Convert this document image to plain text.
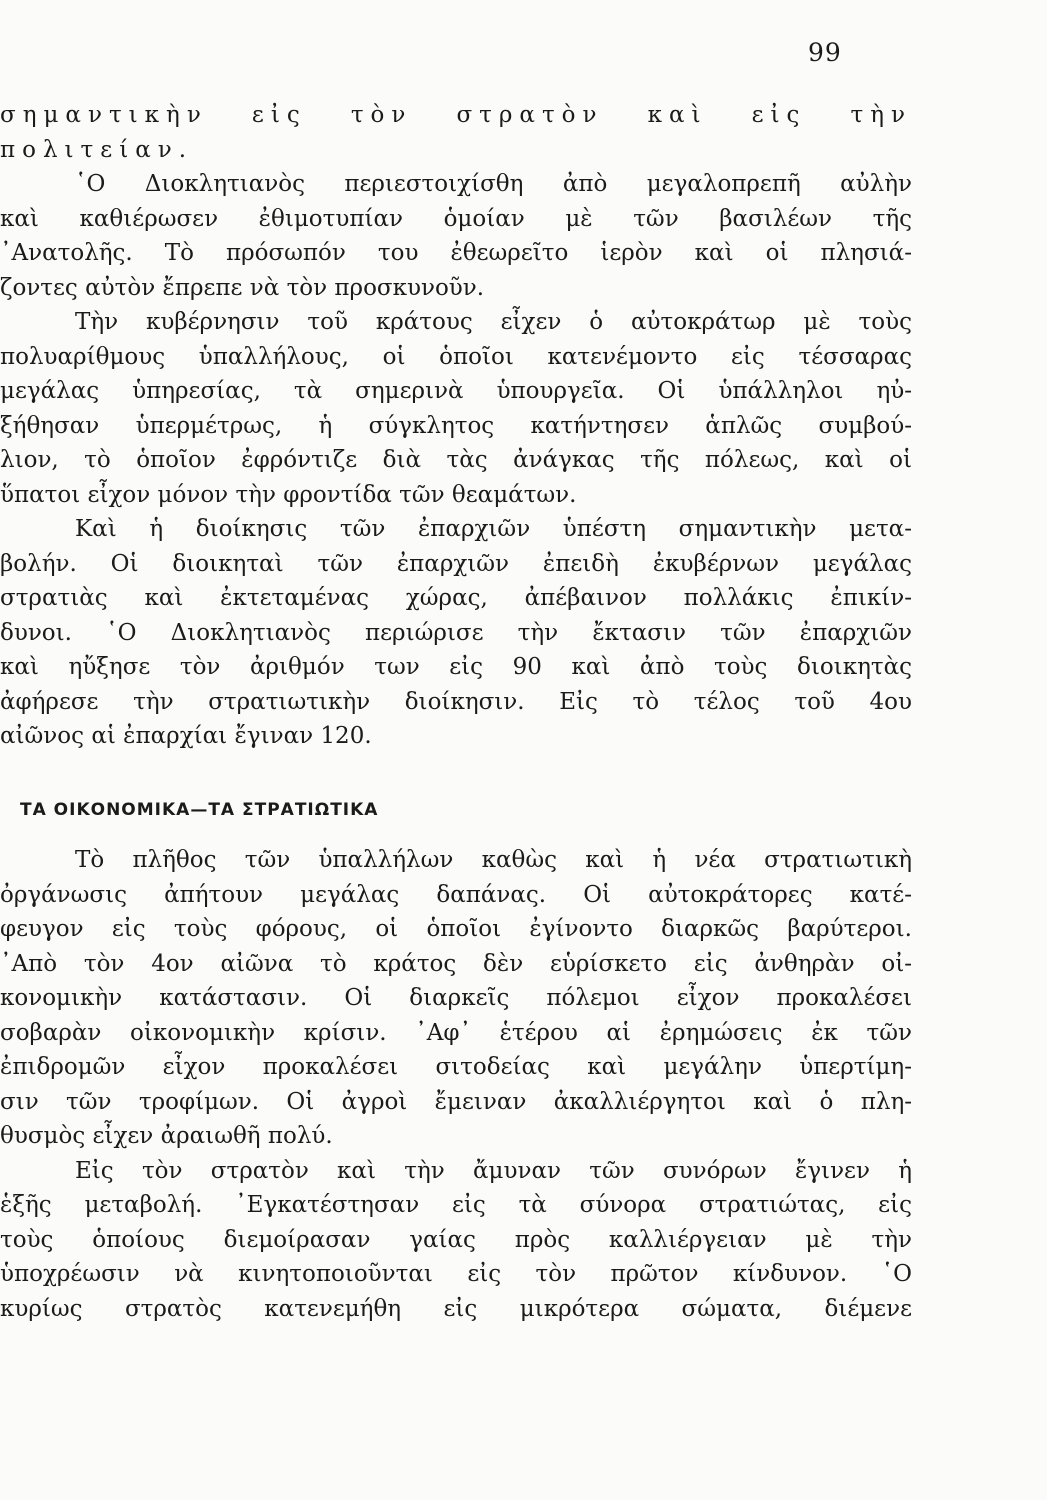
99
σημαντικὴν εἰς τὸν στρατὸν καὶ εἰς τὴν
πολιτείαν.
῾Ο Διοκλητιανὸς περιεστοιχίσθη ἀπὸ μεγαλοπρεπῆ αὐλὴν
καὶ καθιέρωσεν ἐθιμοτυπίαν ὁμοίαν μὲ τῶν βασιλέων τῆς
᾿Ανατολῆς. Τὸ πρόσωπόν του ἐθεωρεῖτο ἱερὸν καὶ οἱ πλησιά-
ζοντες αὐτὸν ἔπρεπε νὰ τὸν προσκυνοῦν.
Τὴν κυβέρνησιν τοῦ κράτους εἶχεν ὁ αὐτοκράτωρ μὲ τοὺς
πολυαρίθμους ὑπαλλήλους, οἱ ὁποῖοι κατενέμοντο εἰς τέσσαρας
μεγάλας ὑπηρεσίας, τὰ σημερινὰ ὑπουργεῖα. Οἱ ὑπάλληλοι ηὐ-
ξήθησαν ὑπερμέτρως, ἡ σύγκλητος κατήντησεν ἁπλῶς συμβού-
λιον, τὸ ὁποῖον ἐφρόντιζε διὰ τὰς ἀνάγκας τῆς πόλεως, καὶ οἱ
ὕπατοι εἶχον μόνον τὴν φροντίδα τῶν θεαμάτων.
Καὶ ἡ διοίκησις τῶν ἐπαρχιῶν ὑπέστη σημαντικὴν μετα-
βολήν. Οἱ διοικηταὶ τῶν ἐπαρχιῶν ἐπειδὴ ἐκυβέρνων μεγάλας
στρατιὰς καὶ ἐκτεταμένας χώρας, ἀπέβαινον πολλάκις ἐπικίν-
δυνοι. ῾Ο Διοκλητιανὸς περιώρισε τὴν ἔκτασιν τῶν ἐπαρχιῶν
καὶ ηὔξησε τὸν ἀριθμόν των εἰς 90 καὶ ἀπὸ τοὺς διοικητὰς
ἀφήρεσε τὴν στρατιωτικὴν διοίκησιν. Εἰς τὸ τέλος τοῦ 4ου
αἰῶνος αἱ ἐπαρχίαι ἔγιναν 120.
ΤΑ ΟΙΚΟΝΟΜΙΚΑ—ΤΑ ΣΤΡΑΤΙΩΤΙΚΑ
Τὸ πλῆθος τῶν ὑπαλλήλων καθὼς καὶ ἡ νέα στρατιωτικὴ
ὀργάνωσις ἀπήτουν μεγάλας δαπάνας. Οἱ αὐτοκράτορες κατέ-
φευγον εἰς τοὺς φόρους, οἱ ὁποῖοι ἐγίνοντο διαρκῶς βαρύτεροι.
᾿Απὸ τὸν 4ον αἰῶνα τὸ κράτος δὲν εὑρίσκετο εἰς ἀνθηρὰν οἰ-
κονομικὴν κατάστασιν. Οἱ διαρκεῖς πόλεμοι εἶχον προκαλέσει
σοβαρὰν οἰκονομικὴν κρίσιν. ᾿Αφ᾿ ἑτέρου αἱ ἐρημώσεις ἐκ τῶν
ἐπιδρομῶν εἶχον προκαλέσει σιτοδείας καὶ μεγάλην ὑπερτίμη-
σιν τῶν τροφίμων. Οἱ ἀγροὶ ἔμειναν ἀκαλλιέργητοι καὶ ὁ πλη-
θυσμὸς εἶχεν ἀραιωθῆ πολύ.
Εἰς τὸν στρατὸν καὶ τὴν ἄμυναν τῶν συνόρων ἔγινεν ἡ
ἑξῆς μεταβολή. ᾿Εγκατέστησαν εἰς τὰ σύνορα στρατιώτας, εἰς
τοὺς ὁποίους διεμοίρασαν γαίας πρὸς καλλιέργειαν μὲ τὴν
ὑποχρέωσιν νὰ κινητοποιοῦνται εἰς τὸν πρῶτον κίνδυνον. ῾Ο
κυρίως στρατὸς κατενεμήθη εἰς μικρότερα σώματα, διέμενε
